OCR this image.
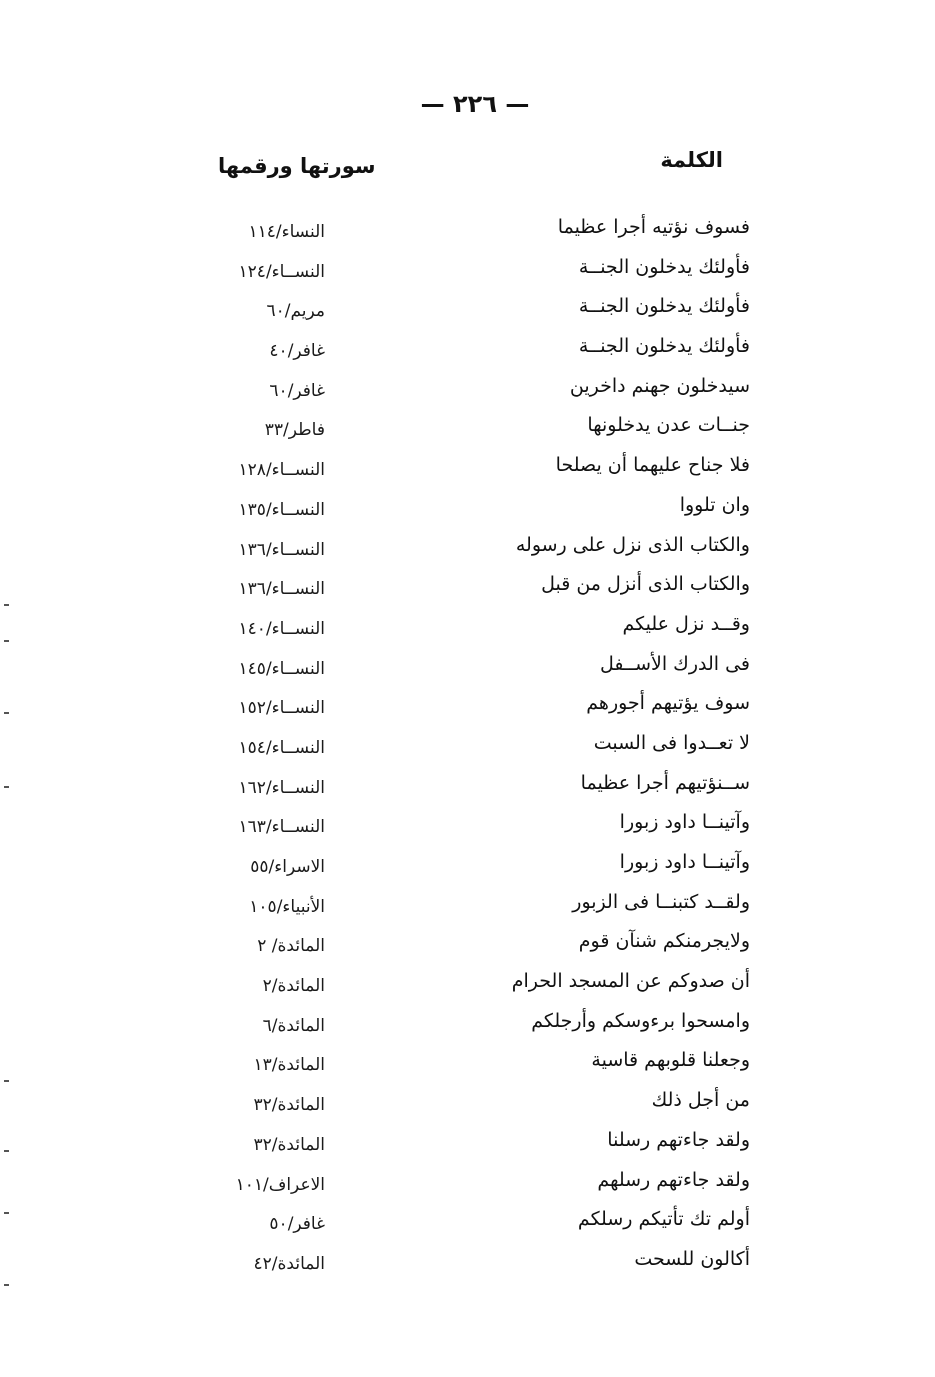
— ٢٢٦ —
الكلمة
سورتها ورقمها
فسوف نؤتيه أجرا عظيما
النساء/١١٤
فأولئك يدخلون الجنــة
النســاء/١٢٤
فأولئك يدخلون الجنــة
مريم/٦٠
فأولئك يدخلون الجنــة
غافر/٤٠
سيدخلون جهنم داخرين
غافر/٦٠
جنــات عدن يدخلونها
فاطر/٣٣
فلا جناح عليهما أن يصلحا
النســاء/١٢٨
وان تلووا
النســاء/١٣٥
والكتاب الذى نزل على رسوله
النســاء/١٣٦
والكتاب الذى أنزل من قبل
النســاء/١٣٦
وقــد نزل عليكم
النســاء/١٤٠
فى الدرك الأســفل
النســاء/١٤٥
سوف يؤتيهم أجورهم
النســاء/١٥٢
لا تعــدوا فى السبت
النســاء/١٥٤
ســنؤتيهم أجرا عظيما
النســاء/١٦٢
وآتينــا داود زبورا
النســاء/١٦٣
وآتينــا داود زبورا
الاسراء/٥٥
ولقــد كتبنــا فى الزبور
الأنبياء/١٠٥
ولايجرمنكم شنآن قوم
المائدة/ ٢
أن صدوكم عن المسجد الحرام
المائدة/٢
وامسحوا برءوسكم وأرجلكم
المائدة/٦
وجعلنا قلوبهم قاسية
المائدة/١٣
من أجل ذلك
المائدة/٣٢
ولقد جاءتهم رسلنا
المائدة/٣٢
ولقد جاءتهم رسلهم
الاعراف/١٠١
أولم تك تأتيكم رسلكم
غافر/٥٠
أكالون للسحت
المائدة/٤٢
